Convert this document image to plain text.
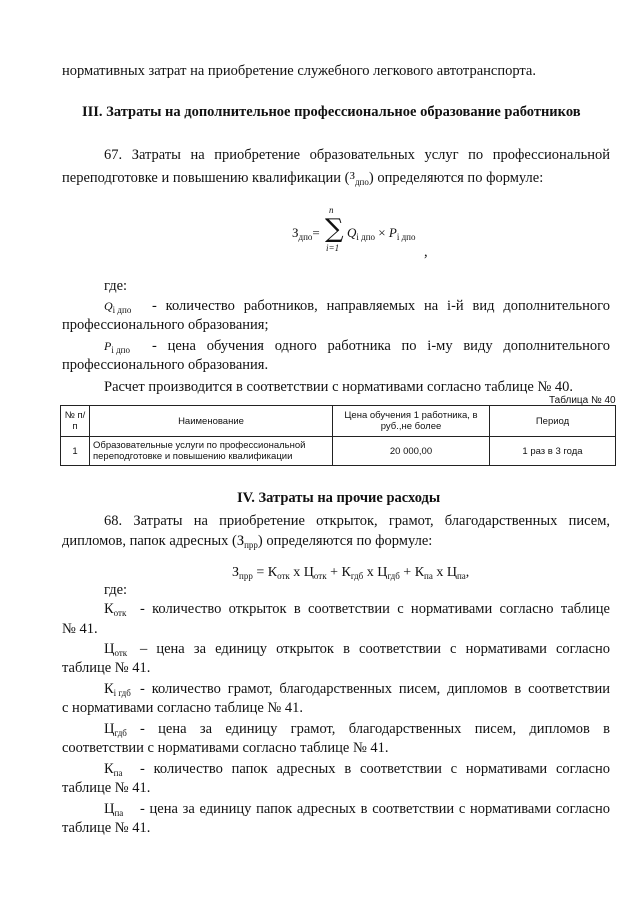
нормативных затрат на приобретение служебного легкового автотранспорта.
III. Затраты на дополнительное профессиональное образование работников
67. Затраты на приобретение образовательных услуг по профессиональной
переподготовке и повышению квалификации ($^З_{дпо}$) определяются по формуле:
$З_{дпо}=$
n
∑
i=1
$Q_{i дпо} \times P_{i дпо}$
,
где:
$Q_{i дпо}$ - количество работников, направляемых на i-й вид дополнительного
профессионального образования;
$P_{i дпо}$ - цена обучения одного работника по i-му виду дополнительного
профессионального образования.
Расчет производится в соответствии с нормативами согласно таблице № 40.
Таблица № 40
№ п/п	Наименование	Цена обучения 1 работника, в руб.,не более	Период
1	Образовательные услуги по профессиональной переподготовке и повышению квалификации	20 000,00	1 раз в 3 года
IV. Затраты на прочие расходы
68. Затраты на приобретение открыток, грамот, благодарственных писем,
дипломов, папок адресных $(З_{прр})$ определяются по формуле:
$З_{прр} = К_{отк}$ х $Ц_{отк} + К_{гдб}$ х $Ц_{гдб} + К_{па}$ х $Ц_{па}$,
где:
$К_{отк}$ - количество открыток в соответствии с нормативами согласно таблице
№ 41.
$Ц_{отк}$ – цена за единицу открыток в соответствии с нормативами согласно
таблице № 41.
$К_{i гдб}$ - количество грамот, благодарственных писем, дипломов в соответствии
с нормативами согласно таблице № 41.
$Ц_{гдб}$ - цена за единицу грамот, благодарственных писем, дипломов в
соответствии с нормативами согласно таблице № 41.
$К_{па}$ - количество папок адресных в соответствии с нормативами согласно
таблице № 41.
$Ц_{па}$ - цена за единицу папок адресных в соответствии с нормативами согласно
таблице № 41.
